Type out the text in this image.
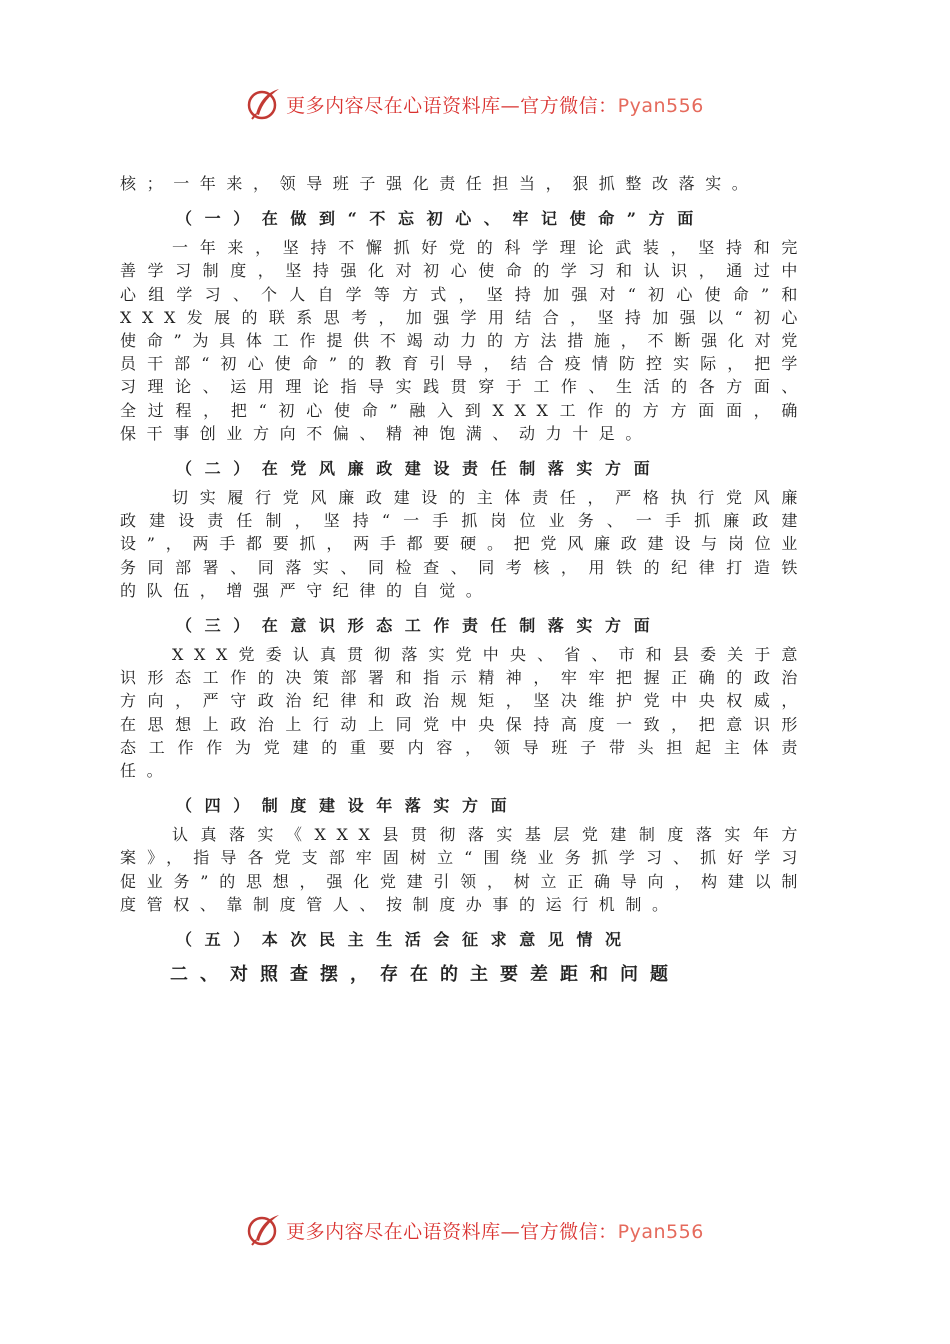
更多内容尽在心语资料库—官方微信：Pyan556

核；一年来，领导班子强化责任担当，狠抓整改落实。

（一）在做到“不忘初心、牢记使命”方面

一年来，坚持不懈抓好党的科学理论武装，坚持和完善学习制度，坚持强化对初心使命的学习和认识，通过中心组学习、个人自学等方式，坚持加强对“初心使命”和XXX发展的联系思考，加强学用结合，坚持加强以“初心使命”为具体工作提供不竭动力的方法措施，不断强化对党员干部“初心使命”的教育引导，结合疫情防控实际，把学习理论、运用理论指导实践贯穿于工作、生活的各方面、全过程，把“初心使命”融入到XXX工作的方方面面，确保干事创业方向不偏、精神饱满、动力十足。

（二）在党风廉政建设责任制落实方面

切实履行党风廉政建设的主体责任，严格执行党风廉政建设责任制，坚持“一手抓岗位业务、一手抓廉政建设”，两手都要抓，两手都要硬。把党风廉政建设与岗位业务同部署、同落实、同检查、同考核，用铁的纪律打造铁的队伍，增强严守纪律的自觉。

（三）在意识形态工作责任制落实方面

XXX党委认真贯彻落实党中央、省、市和县委关于意识形态工作的决策部署和指示精神，牢牢把握正确的政治方向，严守政治纪律和政治规矩，坚决维护党中央权威，在思想上政治上行动上同党中央保持高度一致，把意识形态工作作为党建的重要内容，领导班子带头担起主体责任。

（四）制度建设年落实方面

认真落实《XXX县贯彻落实基层党建制度落实年方案》，指导各党支部牢固树立“围绕业务抓学习、抓好学习促业务”的思想，强化党建引领，树立正确导向，构建以制度管权、靠制度管人、按制度办事的运行机制。

（五）本次民主生活会征求意见情况
二、对照查摆，存在的主要差距和问题
更多内容尽在心语资料库—官方微信：Pyan556
